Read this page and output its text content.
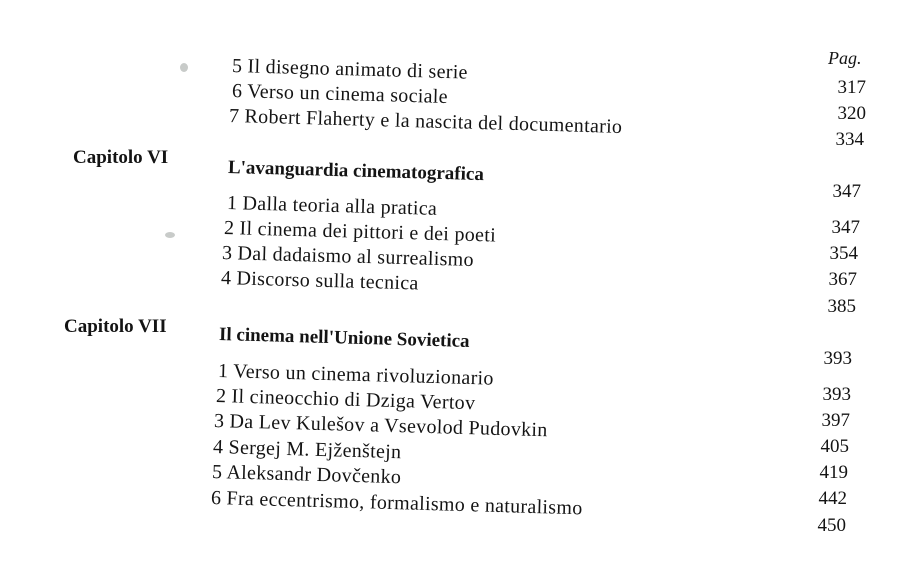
Pag.
5 Il disegno animato di serie
317
6 Verso un cinema sociale
320
7 Robert Flaherty e la nascita del documentario
334
Capitolo VI	L'avanguardia cinematografica
347
1 Dalla teoria alla pratica
347
2 Il cinema dei pittori e dei poeti
354
3 Dal dadaismo al surrealismo
367
4 Discorso sulla tecnica
385
Capitolo VII	Il cinema nell'Unione Sovietica
393
1 Verso un cinema rivoluzionario
393
2 Il cineocchio di Dziga Vertov
397
3 Da Lev Kulešov a Vsevolod Pudovkin
405
4 Sergej M. Ejženštejn
419
5 Aleksandr Dovčenko
442
6 Fra eccentrismo, formalismo e naturalismo
450
